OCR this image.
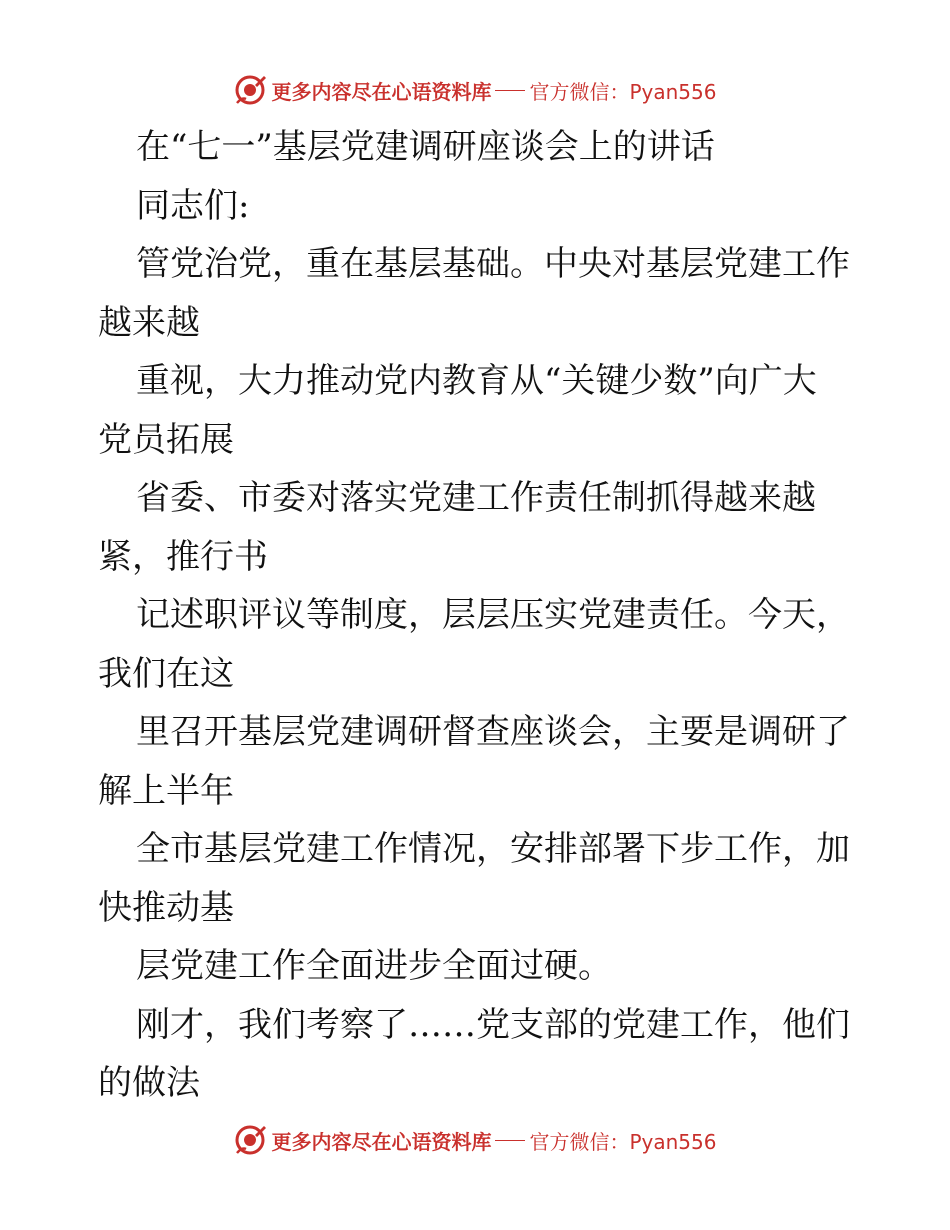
更多内容尽在心语资料库 官方微信：Pyan556
在“七一”基层党建调研座谈会上的讲话
同志们:
管党治党，重在基层基础。中央对基层党建工作
越来越
重视，大力推动党内教育从“关键少数”向广大
党员拓展
省委、市委对落实党建工作责任制抓得越来越
紧，推行书
记述职评议等制度，层层压实党建责任。今天，
我们在这
里召开基层党建调研督查座谈会，主要是调研了
解上半年
全市基层党建工作情况，安排部署下步工作，加
快推动基
层党建工作全面进步全面过硬。
刚才，我们考察了……党支部的党建工作，他们
的做法
更多内容尽在心语资料库 官方微信：Pyan556
